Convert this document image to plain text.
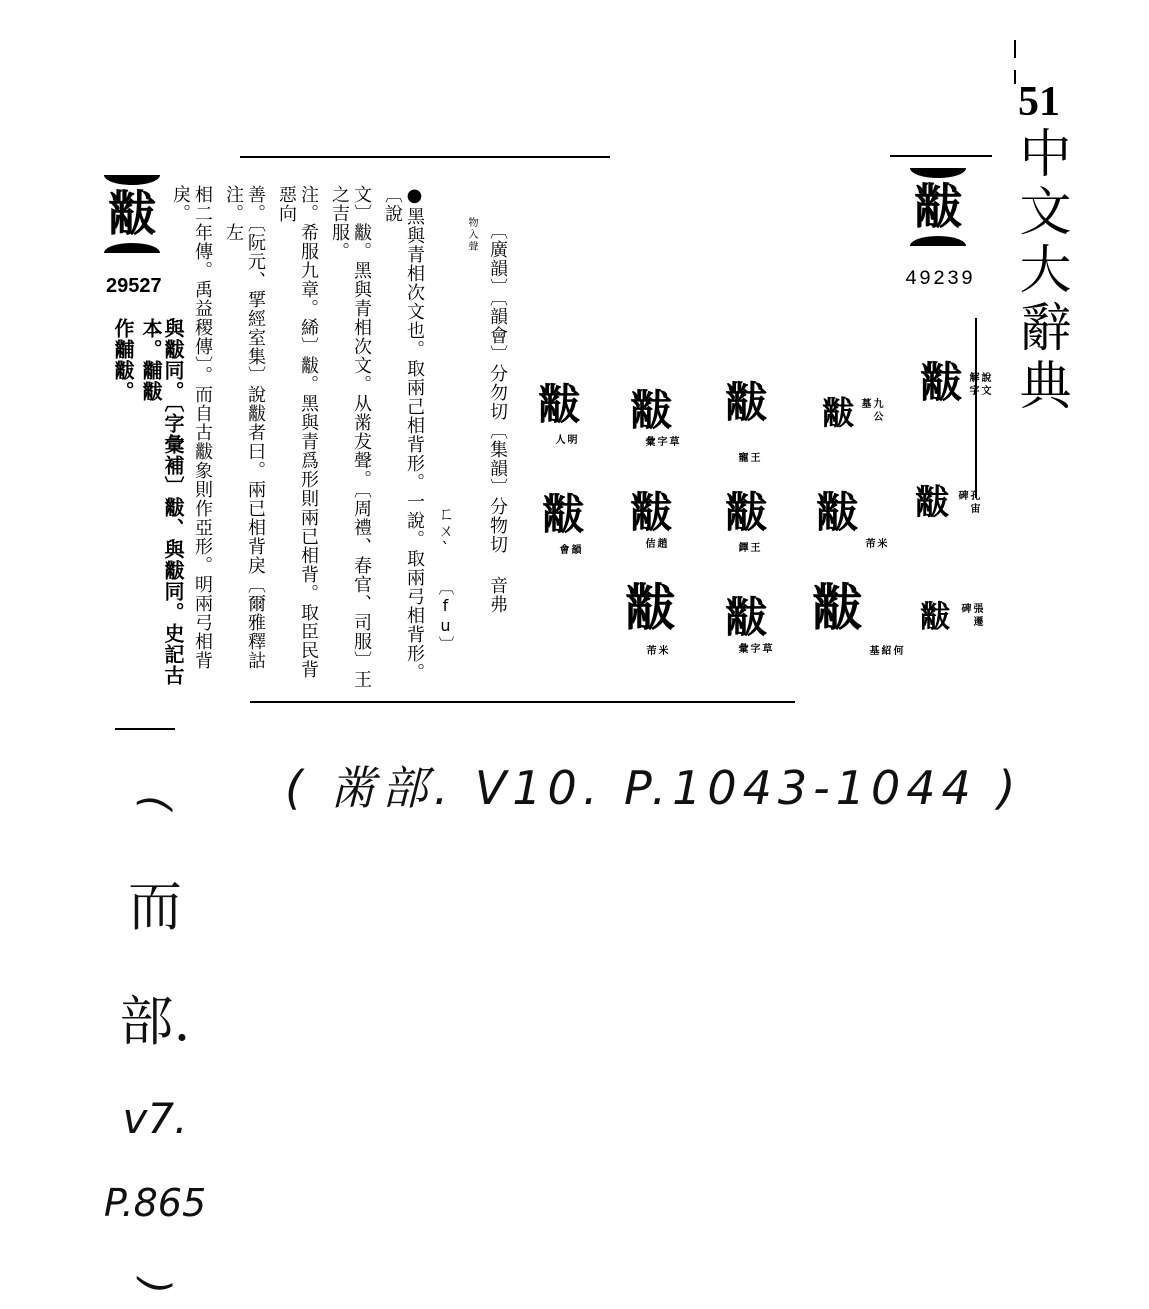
51
中文大辭典
黻
49239
黻	說文解字
黻	孔宙碑
黻	張遷碑
黻	九公墓
黻
米芾
黻
何紹基
黻
王寵
黻
王鐸
黻
草字彙
黻
草字彙
黻
趙佶
黻
米芾
黻
明人
黻
韻會
〔廣韻〕〔韻會〕分勿切〔集韻〕分物切 音弗
物入聲
ㄈㄨˋ 〔fu〕
●黑與青相次文也。取兩己相背形。一說。取兩弓相背形。〔說
文〕黻。黑與青相次文。从黹犮聲。〔周禮、春官、司服〕王之吉服。
注。希服九章。絺〕黻。黑與青爲形則兩已相背。取臣民背惡向
善。〔阮元、揅經室集〕說黻者曰。兩已相背戾〔爾雅釋詁注。左
相二年傳。禹益稷傳〕。而自古黻象則作亞形。明兩弓相背戾。
黻
29527
與黻同。〔字彙補〕黻、與黻同。史記古本。黼黻
作黼黻。
( 黹部. V10. P.1043-1044 )
(
而
部.
v7.
P.865
)
